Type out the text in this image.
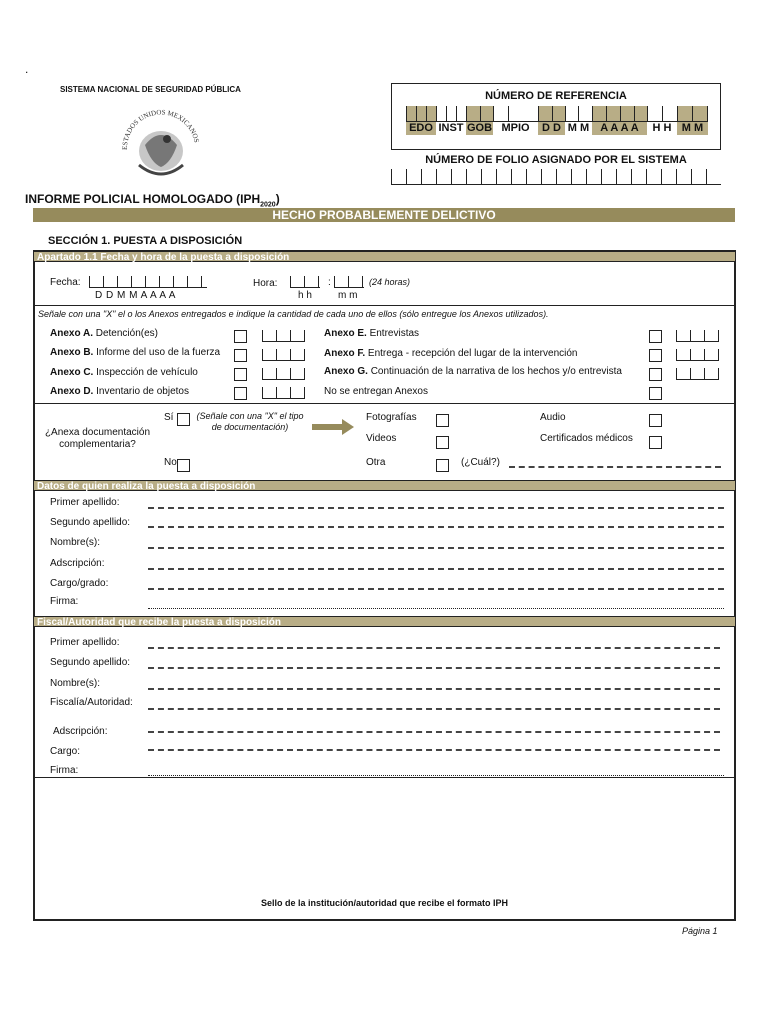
.
SISTEMA NACIONAL DE SEGURIDAD PÚBLICA
ESTADOS UNIDOS MEXICANOS
NÚMERO DE REFERENCIA
EDO INST GOB MPIO	D D M M	A A A A	H H M M
NÚMERO DE FOLIO ASIGNADO POR EL SISTEMA
INFORME POLICIAL HOMOLOGADO $(IPH_{2020})$
HECHO PROBABLEMENTE DELICTIVO
SECCIÓN 1. PUESTA A DISPOSICIÓN
Apartado 1.1 Fecha y hora de la puesta a disposición
Fecha:
D D M M A A A A
Hora:	:
h h	m m
(24 horas)
Señale con una "X" el o los Anexos entregados e indique la cantidad de cada uno de ellos (sólo entregue los Anexos utilizados).
Anexo A. Detención(es)
Anexo B. Informe del uso de la fuerza
Anexo C. Inspección de vehículo
Anexo D. Inventario de objetos
Anexo E. Entrevistas
Anexo F. Entrega - recepción del lugar de la intervención
Anexo G. Continuación de la narrativa de los hechos y/o entrevista
No se entregan Anexos
¿Anexa documentación complementaria?
Sí
No
(Señale con una "X" el tipo de documentación)
Fotografías
Videos
Otra	(¿Cuál?)
Audio
Certificados médicos
Datos de quien realiza la puesta a disposición
Primer apellido:
Segundo apellido:
Nombre(s):
Adscripción:
Cargo/grado:
Firma:
Fiscal/Autoridad que recibe la puesta a disposición
Primer apellido:
Segundo apellido:
Nombre(s):
Fiscalía/Autoridad:
Adscripción:
Cargo:
Firma:
Sello de la institución/autoridad que recibe el formato IPH
Página 1
